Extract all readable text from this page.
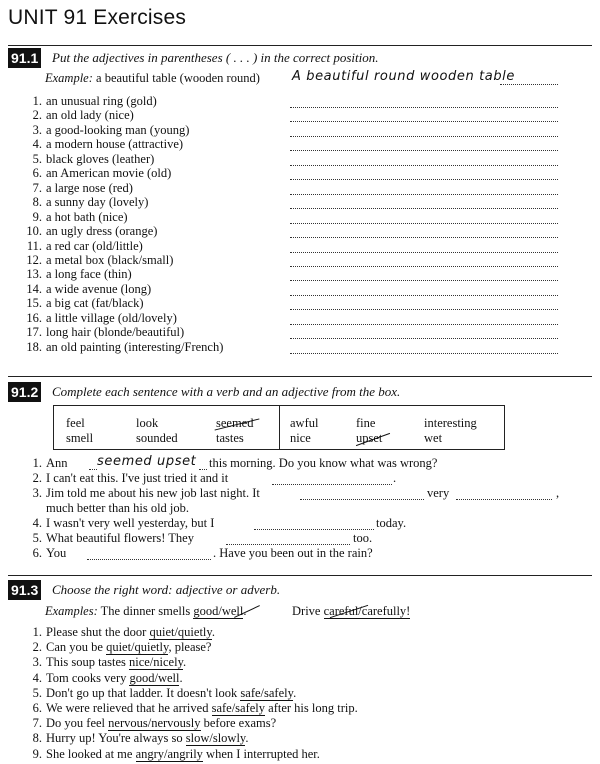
UNIT 91 Exercises
91.1 Put the adjectives in parentheses ( . . . ) in the correct position.
Example: a beautiful table (wooden round) A beautiful round wooden table
1. an unusual ring (gold)
2. an old lady (nice)
3. a good-looking man (young)
4. a modern house (attractive)
5. black gloves (leather)
6. an American movie (old)
7. a large nose (red)
8. a sunny day (lovely)
9. a hot bath (nice)
10. an ugly dress (orange)
11. a red car (old/little)
12. a metal box (black/small)
13. a long face (thin)
14. a wide avenue (long)
15. a big cat (fat/black)
16. a little village (old/lovely)
17. long hair (blonde/beautiful)
18. an old painting (interesting/French)
91.2 Complete each sentence with a verb and an adjective from the box.
feel	look	seemed	awful	fine	interesting
smell	sounded	tastes	nice	upset	wet
1. Ann seemed upset this morning. Do you know what was wrong?
2. I can't eat this. I've just tried it and it	.
3. Jim told me about his new job last night. It	very	,
much better than his old job.
4. I wasn't very well yesterday, but I	today.
5. What beautiful flowers! They	too.
6. You	. Have you been out in the rain?
91.3 Choose the right word: adjective or adverb.
Examples: The dinner smells good/well.	Drive careful/carefully!
1. Please shut the door quiet/quietly.
2. Can you be quiet/quietly, please?
3. This soup tastes nice/nicely.
4. Tom cooks very good/well.
5. Don't go up that ladder. It doesn't look safe/safely.
6. We were relieved that he arrived safe/safely after his long trip.
7. Do you feel nervous/nervously before exams?
8. Hurry up! You're always so slow/slowly.
9. She looked at me angry/angrily when I interrupted her.
